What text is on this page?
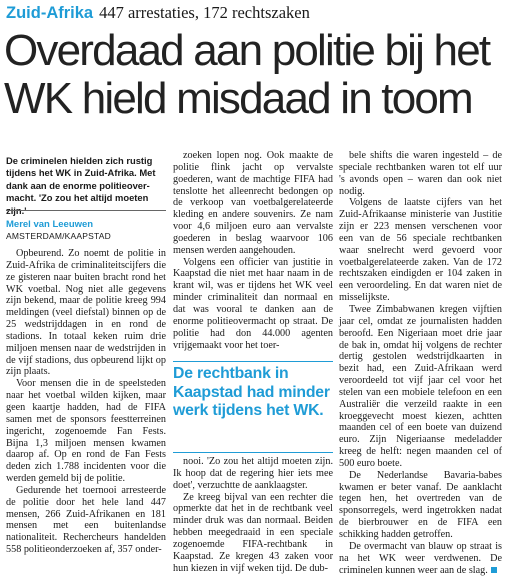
Zuid-Afrika 447 arrestaties, 172 rechtszaken
Overdaad aan politie bij het WK hield misdaad in toom
De criminelen hielden zich rustig tijdens het WK in Zuid-Afrika. Met dank aan de enorme politieover-macht. 'Zo zou het altijd moeten zijn.'
Merel van Leeuwen
AMSTERDAM/KAAPSTAD

Opbeurend. Zo noemt de politie in Zuid-Afrika de criminaliteitscijfers die ze gisteren naar buiten bracht rond het WK voetbal. Nog niet alle gegevens zijn bekend, maar de politie kreeg 994 meldingen (veel diefstal) binnen op de 25 wedstrijddagen in en rond de stadions. In totaal keken ruim drie miljoen mensen naar de wedstrijden in de vijf stadions, dus opbeurend lijkt op zijn plaats.

Voor mensen die in de speelsteden naar het voetbal wilden kijken, maar geen kaartje hadden, had de FIFA samen met de sponsors feestterreinen ingericht, zogenoemde Fan Fests. Bijna 1,3 miljoen mensen kwamen daarop af. Op en rond de Fan Fests deden zich 1.788 incidenten voor die werden gemeld bij de politie.

Gedurende het toernooi arresteerde de politie door het hele land 447 mensen, 266 Zuid-Afrikanen en 181 mensen met een buitenlandse nationaliteit. Rechercheurs handelden 558 politieonderzoeken af, 357 onder-

zoeken lopen nog. Ook maakte de politie flink jacht op vervalste goederen, want de machtige FIFA had tenslotte het alleenrecht bedongen op de verkoop van voetbalgerelateerde kleding en andere souvenirs. Ze nam voor 4,6 miljoen euro aan vervalste goederen in beslag waarvoor 106 mensen werden aangehouden.

Volgens een officier van justitie in Kaapstad die niet met haar naam in de krant wil, was er tijdens het WK veel minder criminaliteit dan normaal en dat was vooral te danken aan de enorme politieovermacht op straat. De politie had don 44.000 agenten vrijgemaakt voor het toer-

De rechtbank in Kaapstad had minder werk tijdens het WK.

nooi. 'Zo zou het altijd moeten zijn. Ik hoop dat de regering hier iets mee doet', verzuchtte de aanklaagster.

Ze kreeg bijval van een rechter die opmerkte dat het in de rechtbank veel minder druk was dan normaal. Beiden hebben meegedraaid in een speciale zogenoemde FIFA-rechtbank in Kaapstad. Ze kregen 43 zaken voor hun kiezen in vijf weken tijd. De dub-

bele shifts die waren ingesteld – de speciale rechtbanken waren tot elf uur 's avonds open – waren dan ook niet nodig.

Volgens de laatste cijfers van het Zuid-Afrikaanse ministerie van Justitie zijn er 223 mensen verschenen voor een van de 56 speciale rechtbanken waar snelrecht werd gevoerd voor voetbalgerelateerde zaken. Van de 172 rechtszaken eindigden er 104 zaken in een veroordeling. En dat waren niet de misselijkste.

Twee Zimbabwanen kregen vijftien jaar cel, omdat ze journalisten hadden beroofd. Een Nigeriaan moet drie jaar de bak in, omdat hij volgens de rechter dertig gestolen wedstrijdkaarten in bezit had, een Zuid-Afrikaan werd veroordeeld tot vijf jaar cel voor het stelen van een mobiele telefoon en een Australiër die verzeild raakte in een kroeggevecht moest kiezen, achtten maanden cel of een boete van duizend euro. Zijn Nigeriaanse medeladder kreeg de helft: negen maanden cel of 500 euro boete.

De Nederlandse Bavaria-babes kwamen er beter vanaf. De aanklacht tegen hen, het overtreden van de sponsorregels, werd ingetrokken nadat de bierbrouwer en de FIFA een schikking hadden getroffen.

De overmacht van blauw op straat is na het WK weer verdwenen. De criminelen kunnen weer aan de slag.
